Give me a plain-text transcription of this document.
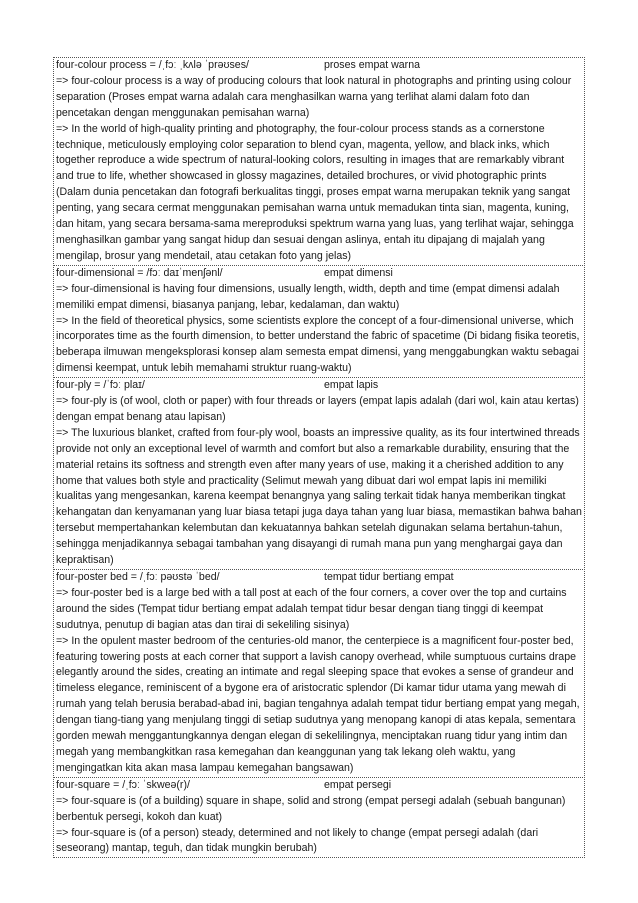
four-colour process = /ˌfɔː ˌkʌlə ˈprəʊses/	proses empat warna
=> four-colour process is a way of producing colours that look natural in photographs and printing using colour separation (Proses empat warna adalah cara menghasilkan warna yang terlihat alami dalam foto dan pencetakan dengan menggunakan pemisahan warna)
=> In the world of high-quality printing and photography, the four-colour process stands as a cornerstone technique, meticulously employing color separation to blend cyan, magenta, yellow, and black inks, which together reproduce a wide spectrum of natural-looking colors, resulting in images that are remarkably vibrant and true to life, whether showcased in glossy magazines, detailed brochures, or vivid photographic prints (Dalam dunia pencetakan dan fotografi berkualitas tinggi, proses empat warna merupakan teknik yang sangat penting, yang secara cermat menggunakan pemisahan warna untuk memadukan tinta sian, magenta, kuning, dan hitam, yang secara bersama-sama mereproduksi spektrum warna yang luas, yang terlihat wajar, sehingga menghasilkan gambar yang sangat hidup dan sesuai dengan aslinya, entah itu dipajang di majalah yang mengilap, brosur yang mendetail, atau cetakan foto yang jelas)
four-dimensional = /fɔː daɪˈmenʃənl/	empat dimensi
=> four-dimensional is having four dimensions, usually length, width, depth and time (empat dimensi adalah memiliki empat dimensi, biasanya panjang, lebar, kedalaman, dan waktu)
=> In the field of theoretical physics, some scientists explore the concept of a four-dimensional universe, which incorporates time as the fourth dimension, to better understand the fabric of spacetime (Di bidang fisika teoretis, beberapa ilmuwan mengeksplorasi konsep alam semesta empat dimensi, yang menggabungkan waktu sebagai dimensi keempat, untuk lebih memahami struktur ruang-waktu)
four-ply = /ˈfɔː plaɪ/	empat lapis
=> four-ply is (of wool, cloth or paper) with four threads or layers (empat lapis adalah (dari wol, kain atau kertas) dengan empat benang atau lapisan)
=> The luxurious blanket, crafted from four-ply wool, boasts an impressive quality, as its four intertwined threads provide not only an exceptional level of warmth and comfort but also a remarkable durability, ensuring that the material retains its softness and strength even after many years of use, making it a cherished addition to any home that values both style and practicality (Selimut mewah yang dibuat dari wol empat lapis ini memiliki kualitas yang mengesankan, karena keempat benangnya yang saling terkait tidak hanya memberikan tingkat kehangatan dan kenyamanan yang luar biasa tetapi juga daya tahan yang luar biasa, memastikan bahwa bahan tersebut mempertahankan kelembutan dan kekuatannya bahkan setelah digunakan selama bertahun-tahun, sehingga menjadikannya sebagai tambahan yang disayangi di rumah mana pun yang menghargai gaya dan kepraktisan)
four-poster bed = /ˌfɔː pəʊstə ˈbed/	tempat tidur bertiang empat
=> four-poster bed is a large bed with a tall post at each of the four corners, a cover over the top and curtains around the sides (Tempat tidur bertiang empat adalah tempat tidur besar dengan tiang tinggi di keempat sudutnya, penutup di bagian atas dan tirai di sekeliling sisinya)
=> In the opulent master bedroom of the centuries-old manor, the centerpiece is a magnificent four-poster bed, featuring towering posts at each corner that support a lavish canopy overhead, while sumptuous curtains drape elegantly around the sides, creating an intimate and regal sleeping space that evokes a sense of grandeur and timeless elegance, reminiscent of a bygone era of aristocratic splendor (Di kamar tidur utama yang mewah di rumah yang telah berusia berabad-abad ini, bagian tengahnya adalah tempat tidur bertiang empat yang megah, dengan tiang-tiang yang menjulang tinggi di setiap sudutnya yang menopang kanopi di atas kepala, sementara gorden mewah menggantungkannya dengan elegan di sekelilingnya, menciptakan ruang tidur yang intim dan megah yang membangkitkan rasa kemegahan dan keanggunan yang tak lekang oleh waktu, yang mengingatkan kita akan masa lampau kemegahan bangsawan)
four-square = /ˌfɔː ˈskweə(r)/	empat persegi
=> four-square is (of a building) square in shape, solid and strong (empat persegi adalah (sebuah bangunan) berbentuk persegi, kokoh dan kuat)
=> four-square is (of a person) steady, determined and not likely to change (empat persegi adalah (dari seseorang) mantap, teguh, dan tidak mungkin berubah)
